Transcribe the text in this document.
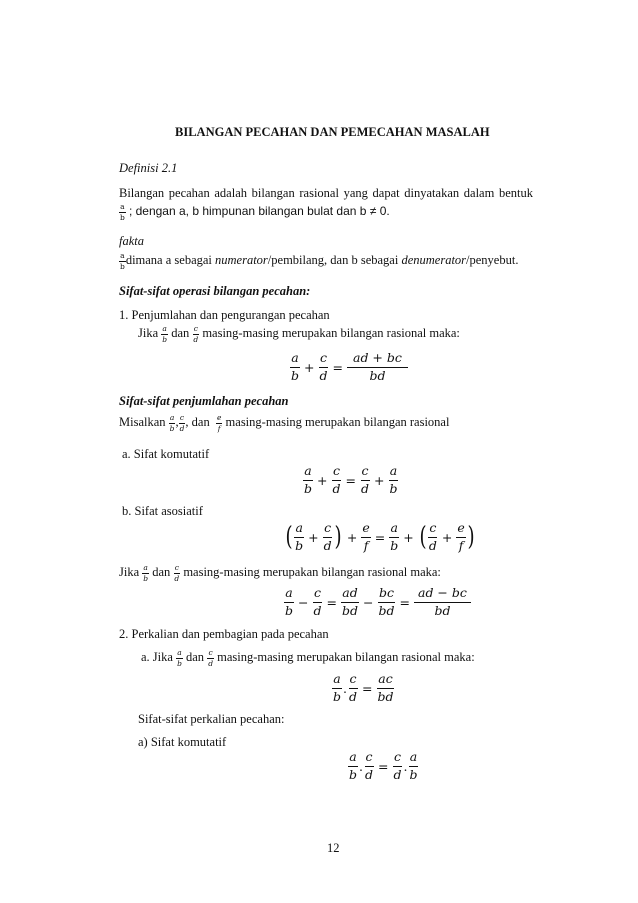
BILANGAN PECAHAN DAN PEMECAHAN MASALAH
Definisi 2.1
Bilangan pecahan adalah bilangan rasional yang dapat dinyatakan dalam bentuk
$\frac{a}{b}$ ; dengan a, b himpunan bilangan bulat dan b ≠ 0.
fakta
$\frac{a}{b}$ dimana a sebagai numerator/pembilang, dan b sebagai denumerator/penyebut.
Sifat-sifat operasi bilangan pecahan:
1. Penjumlahan dan pengurangan pecahan
Jika $\frac{a}{b}$ dan $\frac{c}{d} masing-masing$ merupakan bilangan rasional maka:
$\frac{a}{b} + \frac{c}{d} = \frac{ad + bc}{bd}$
Sifat-sifat penjumlahan pecahan
Misalkan $\frac{a}{b}$ , $\frac{c}{d}$ , dan $\frac{e}{f} masing-masing$ merupakan bilangan rasional
a. Sifat komutatif
$\frac{a}{b} + \frac{c}{d} = \frac{c}{d} + \frac{a}{b}$
b. Sifat asosiatif
( $\frac{a}{b} + \frac{c}{d}$ ) + $\frac{e}{f} = \frac{a}{b}$ + ( $\frac{c}{d} + \frac{e}{f}$ )
Jika $\frac{a}{b}$ dan $\frac{c}{d} masing-masing$ merupakan bilangan rasional maka:
$\frac{a}{b} - \frac{c}{d} = \frac{ad}{bd} - \frac{bc}{bd} = \frac{ad - bc}{bd}$
2. Perkalian dan pembagian pada pecahan
a. Jika $\frac{a}{b}$ dan $\frac{c}{d} masing-masing$ merupakan bilangan rasional maka:
$\frac{a}{b}$ . $\frac{c}{d} = \frac{ac}{bd}$
Sifat-sifat perkalian pecahan:
a) Sifat komutatif
$\frac{a}{b}$ . $\frac{c}{d} = \frac{c}{d}$ . $\frac{a}{b}$
12
